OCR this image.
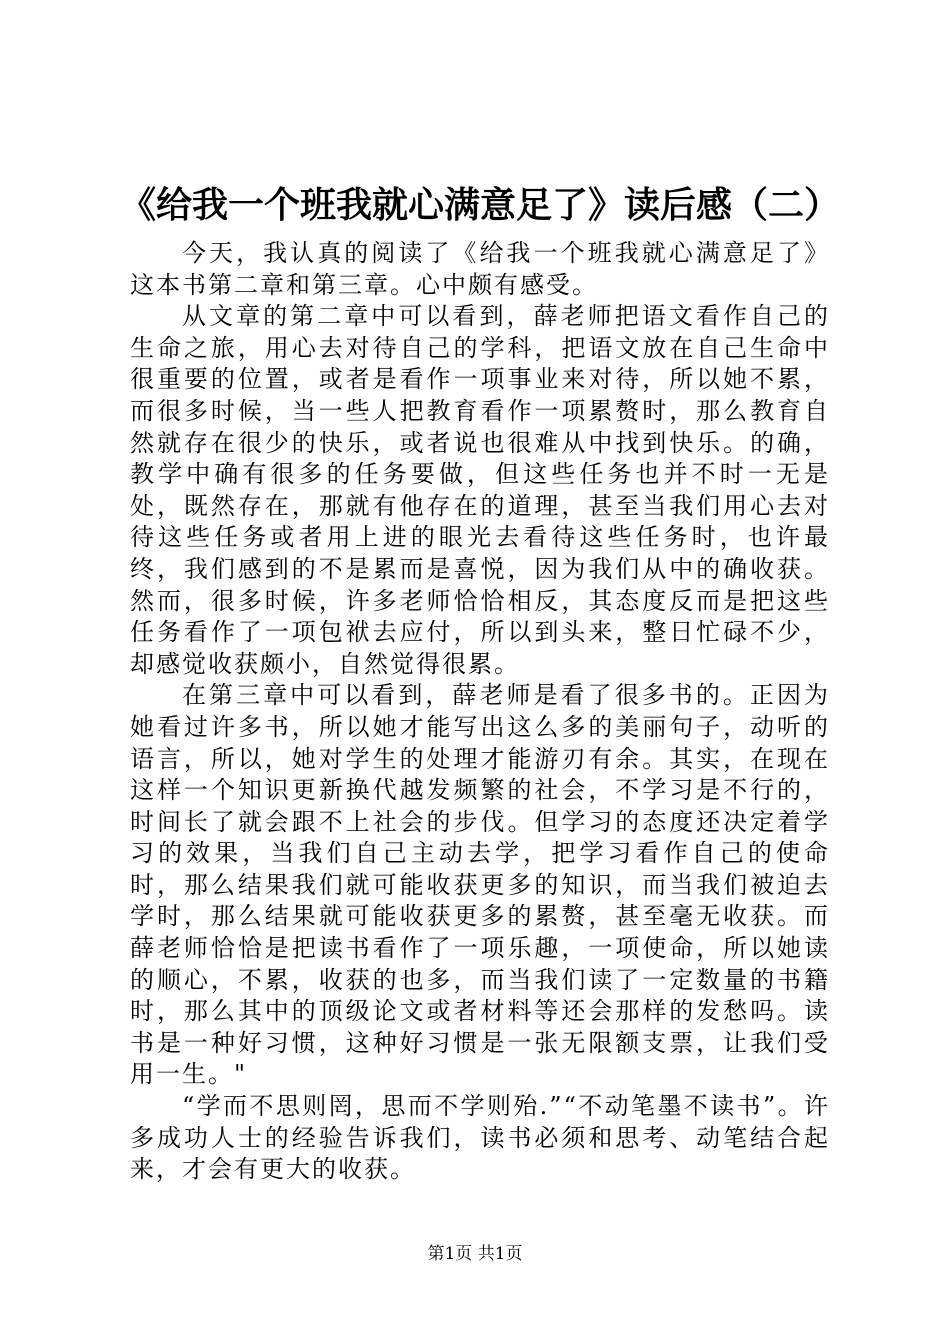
《给我一个班我就心满意足了》读后感（二）

今天，我认真的阅读了《给我一个班我就心满意足了》这本书第二章和第三章。心中颇有感受。

从文章的第二章中可以看到，薛老师把语文看作自己的生命之旅，用心去对待自己的学科，把语文放在自己生命中很重要的位置，或者是看作一项事业来对待，所以她不累，而很多时候，当一些人把教育看作一项累赘时，那么教育自然就存在很少的快乐，或者说也很难从中找到快乐。的确，教学中确有很多的任务要做，但这些任务也并不时一无是处，既然存在，那就有他存在的道理，甚至当我们用心去对待这些任务或者用上进的眼光去看待这些任务时，也许最终，我们感到的不是累而是喜悦，因为我们从中的确收获。然而，很多时候，许多老师恰恰相反，其态度反而是把这些任务看作了一项包袱去应付，所以到头来，整日忙碌不少，却感觉收获颇小，自然觉得很累。

在第三章中可以看到，薛老师是看了很多书的。正因为她看过许多书，所以她才能写出这么多的美丽句子，动听的语言，所以，她对学生的处理才能游刃有余。其实，在现在这样一个知识更新换代越发频繁的社会，不学习是不行的，时间长了就会跟不上社会的步伐。但学习的态度还决定着学习的效果，当我们自己主动去学，把学习看作自己的使命时，那么结果我们就可能收获更多的知识，而当我们被迫去学时，那么结果就可能收获更多的累赘，甚至毫无收获。而薛老师恰恰是把读书看作了一项乐趣，一项使命，所以她读的顺心，不累，收获的也多，而当我们读了一定数量的书籍时，那么其中的顶级论文或者材料等还会那样的发愁吗。读书是一种好习惯，这种好习惯是一张无限额支票，让我们受用一生。"

“学而不思则罔，思而不学则殆.”“不动笔墨不读书”。许多成功人士的经验告诉我们，读书必须和思考、动笔结合起来，才会有更大的收获。

第1页 共1页
